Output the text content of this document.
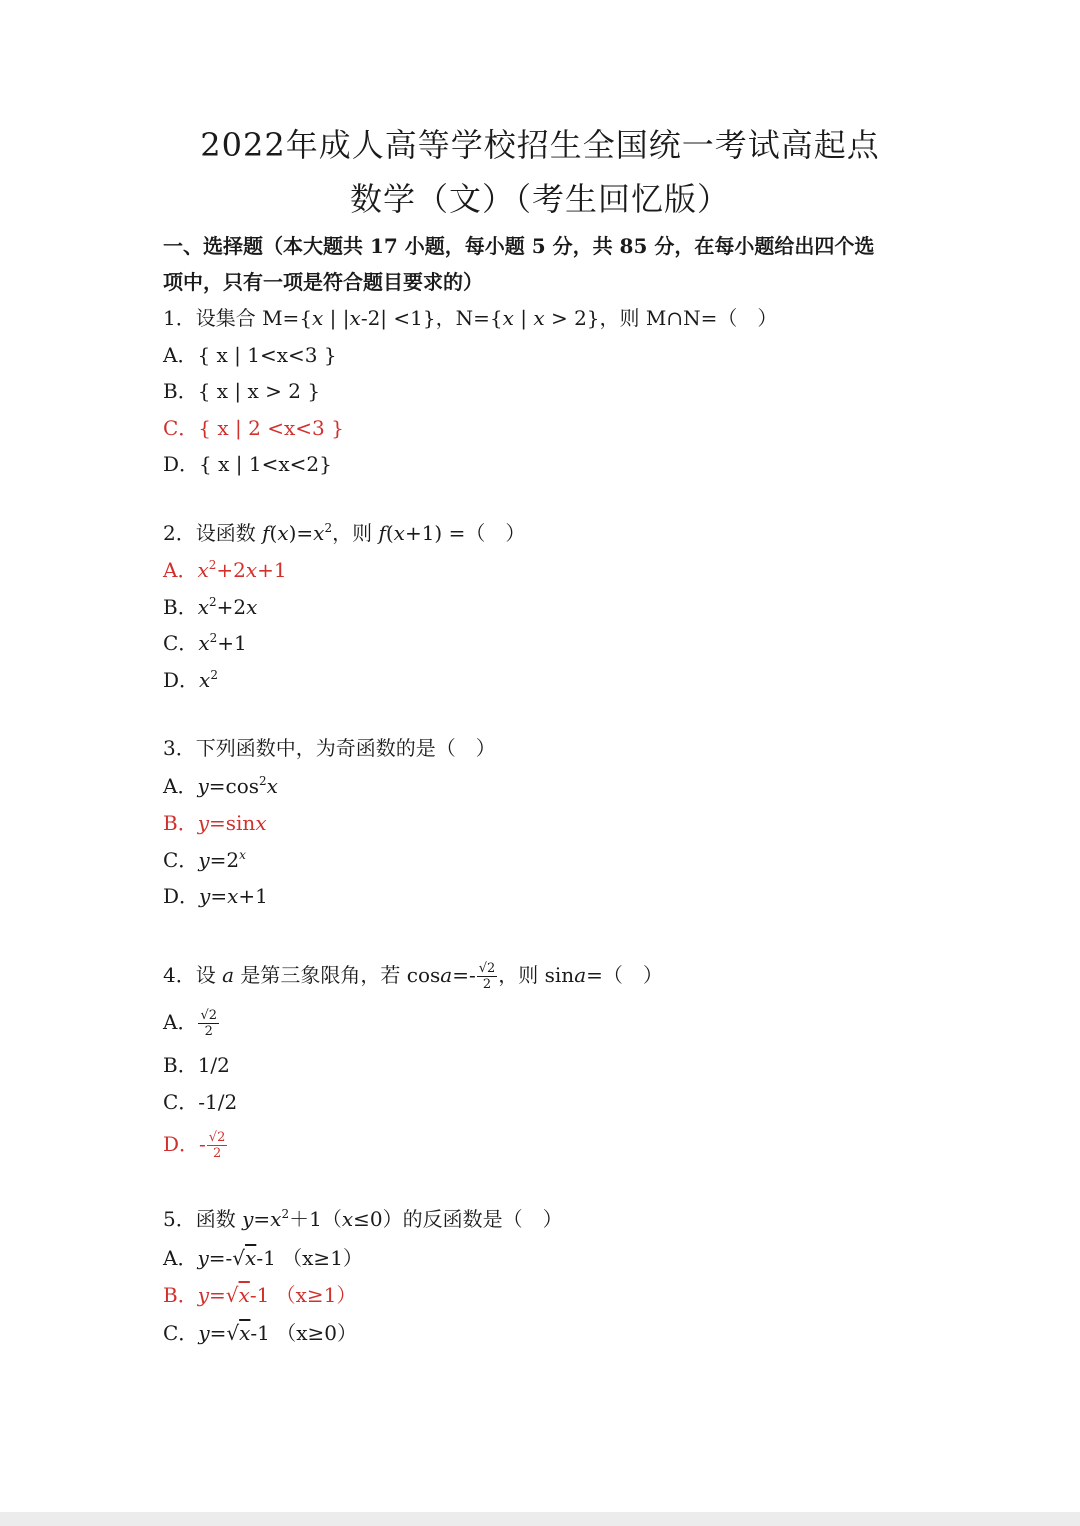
2022年成人高等学校招生全国统一考试高起点
数学（文）（考生回忆版）

一、选择题（本大题共 17 小题，每小题 5 分，共 85 分，在每小题给出四个选

项中，只有一项是符合题目要求的）

1．设集合 M={x | |x-2| <1}，N={x | x > 2}，则 M∩N=（　）
A．{ x | 1<x<3 }
B．{ x | x > 2 }
C．{ x | 2 <x<3 }
D．{ x | 1<x<2}
2．设函数 $f(x)=x^2$，则 f(x+1) =（　）
A．$x^2+2x+1$
B．$x^2+2x$
C．$x^2+1$
D．$x^2$
3．下列函数中，为奇函数的是（　）
A．$y=\cos^2x$
B．y=sinx
C．$y=2^x$
D．y=x+1
4．设 a 是第三象限角，若 $\cos a=- \frac{√2}{2}$ ，则 sina=（　）
A． $\frac{√2}{2}$
B．1/2
C．-1/2
D．- $\frac{√2}{2}$
5．函数 $y=x^2+1(x\le 0)$的反函数是（　）
A．y=-√x-1 （x≥1）
B．y=√x-1 （x≥1）
C．y=√x-1 （x≥0）
